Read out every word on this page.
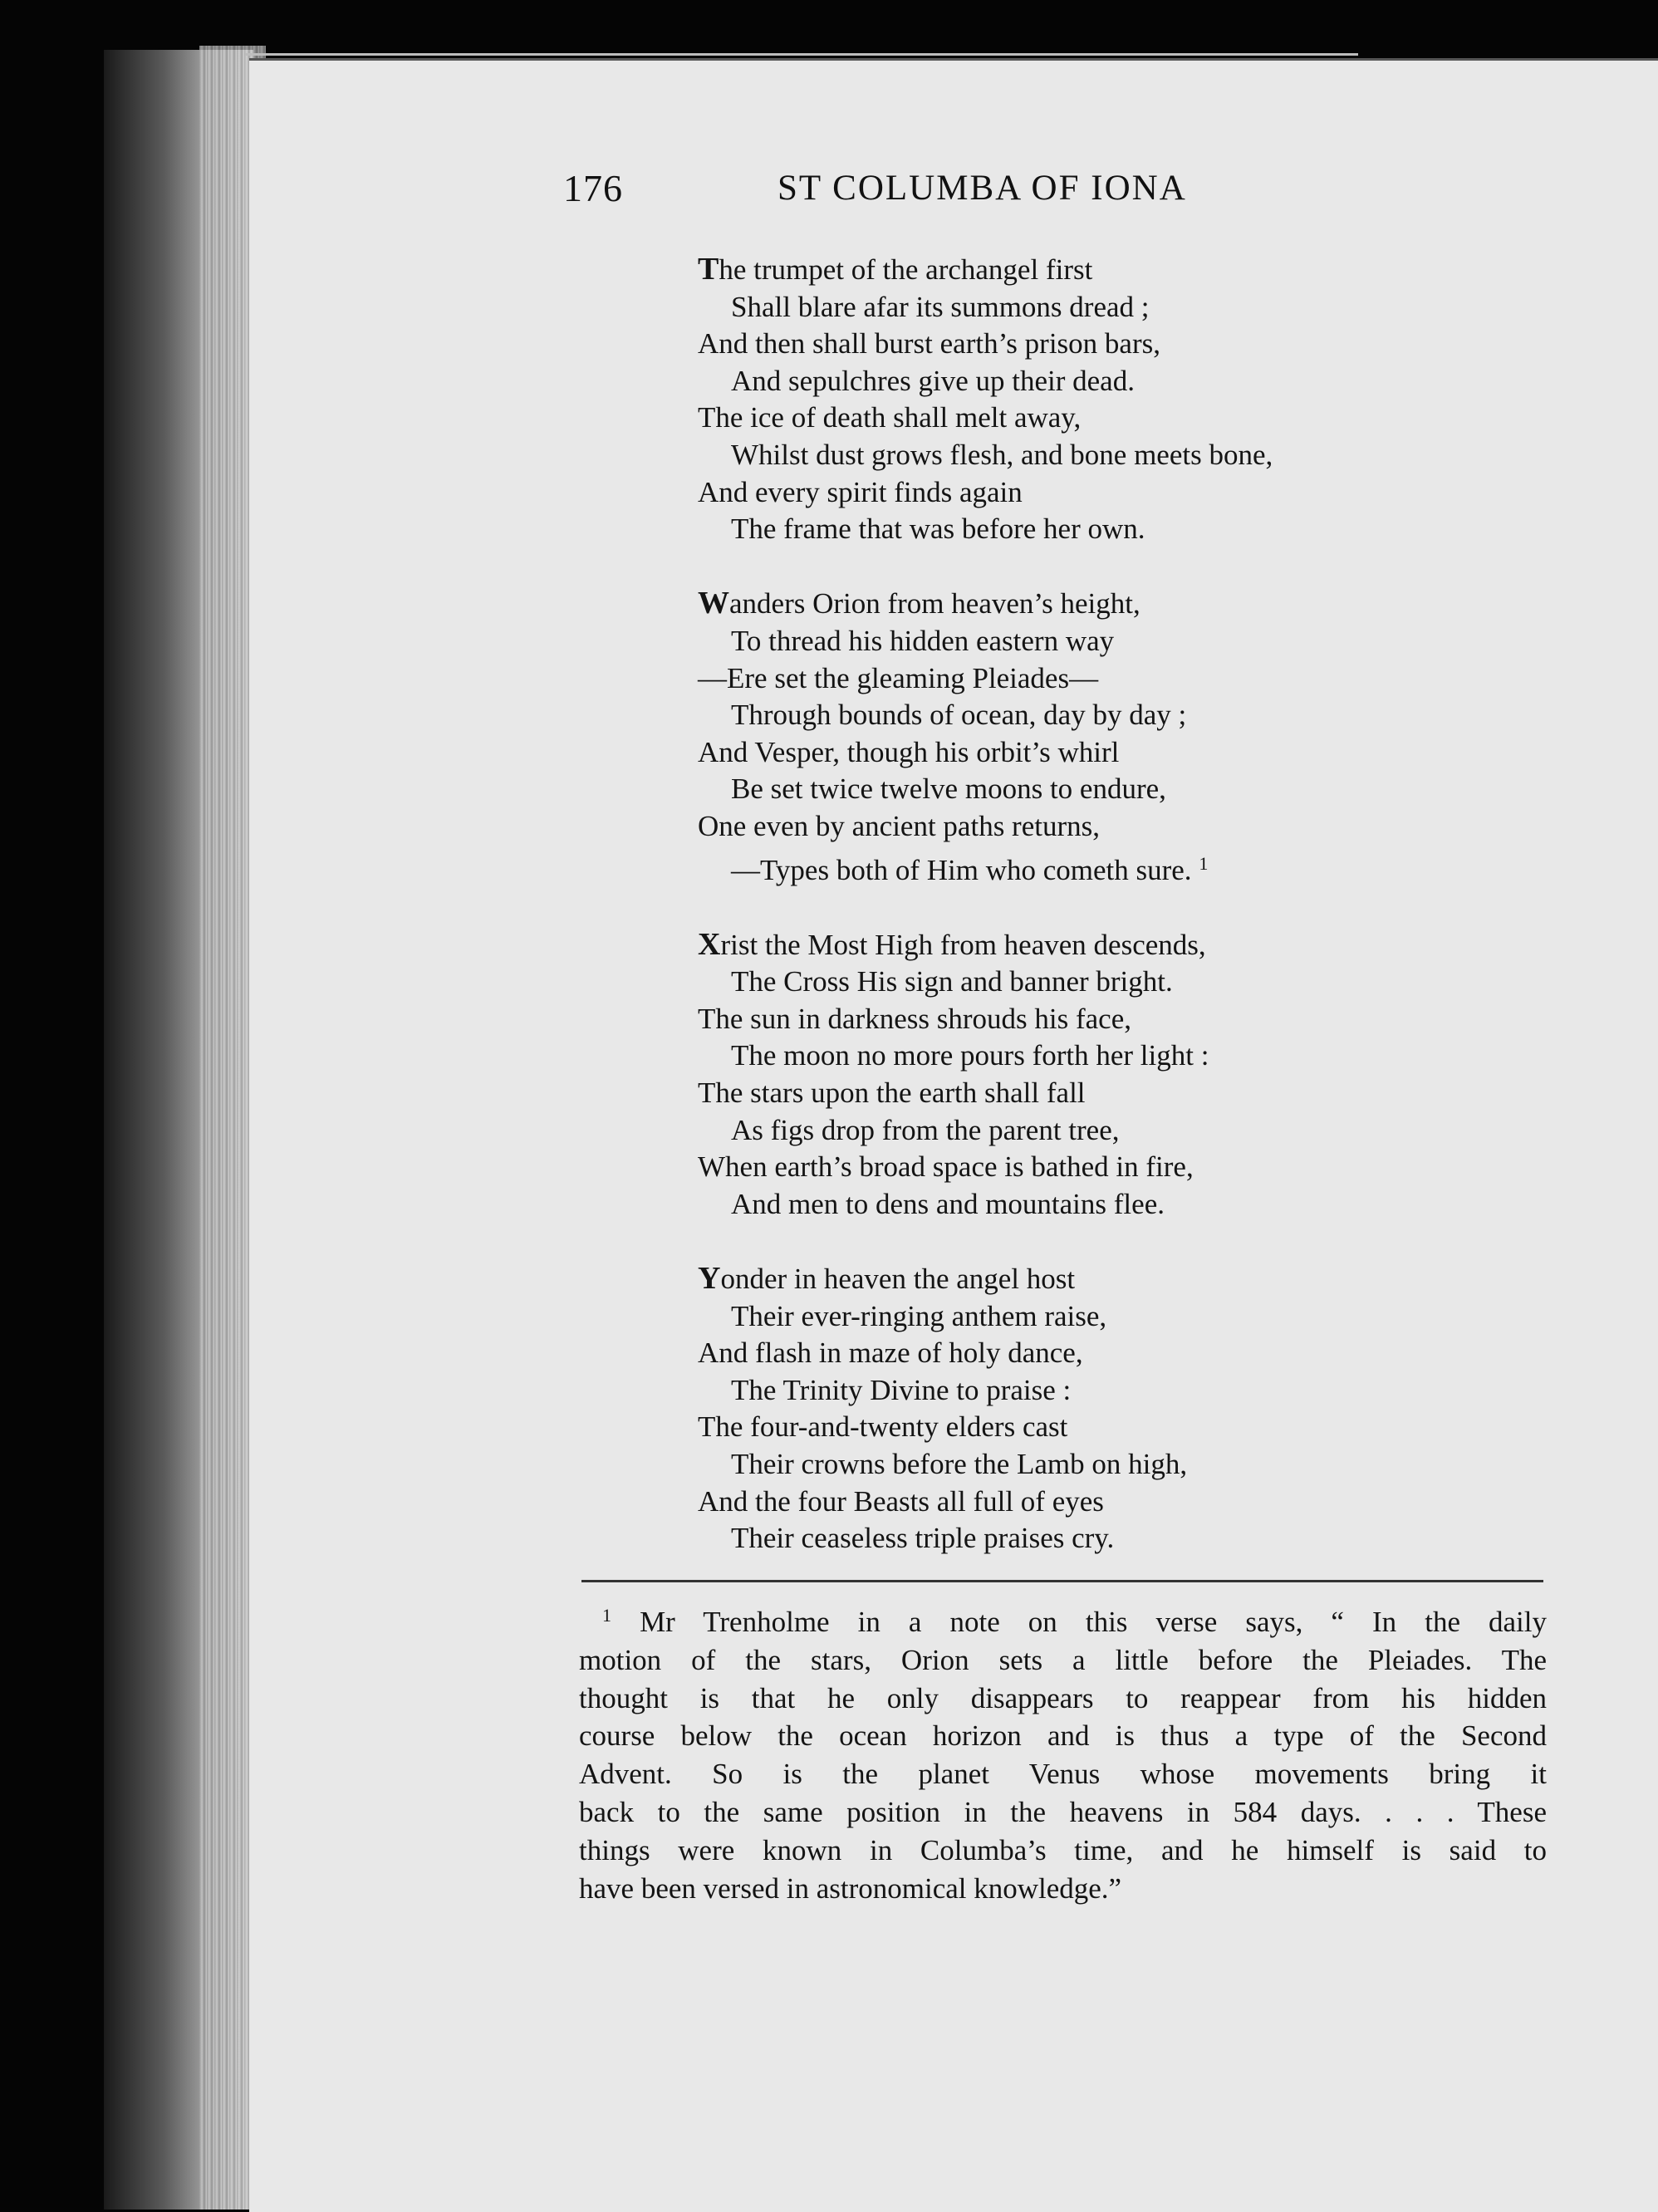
176	ST COLUMBA OF IONA
The trumpet of the archangel first
Shall blare afar its summons dread ;
And then shall burst earth’s prison bars,
And sepulchres give up their dead.
The ice of death shall melt away,
Whilst dust grows flesh, and bone meets bone,
And every spirit finds again
The frame that was before her own.
Wanders Orion from heaven’s height,
To thread his hidden eastern way
—Ere set the gleaming Pleiades—
Through bounds of ocean, day by day ;
And Vesper, though his orbit’s whirl
Be set twice twelve moons to endure,
One even by ancient paths returns,
—Types both of Him who cometh sure. $^1$
Xrist the Most High from heaven descends,
The Cross His sign and banner bright.
The sun in darkness shrouds his face,
The moon no more pours forth her light :
The stars upon the earth shall fall
As figs drop from the parent tree,
When earth’s broad space is bathed in fire,
And men to dens and mountains flee.
Yonder in heaven the angel host
Their ever-ringing anthem raise,
And flash in maze of holy dance,
The Trinity Divine to praise :
The four-and-twenty elders cast
Their crowns before the Lamb on high,
And the four Beasts all full of eyes
Their ceaseless triple praises cry.
$^1$ Mr Trenholme in a note on this verse says, “ In the daily
motion of the stars, Orion sets a little before the Pleiades. The
thought is that he only disappears to reappear from his hidden
course below the ocean horizon and is thus a type of the Second
Advent. So is the planet Venus whose movements bring it
back to the same position in the heavens in 584 days. . . . These
things were known in Columba’s time, and he himself is said to
have been versed in astronomical knowledge.”
